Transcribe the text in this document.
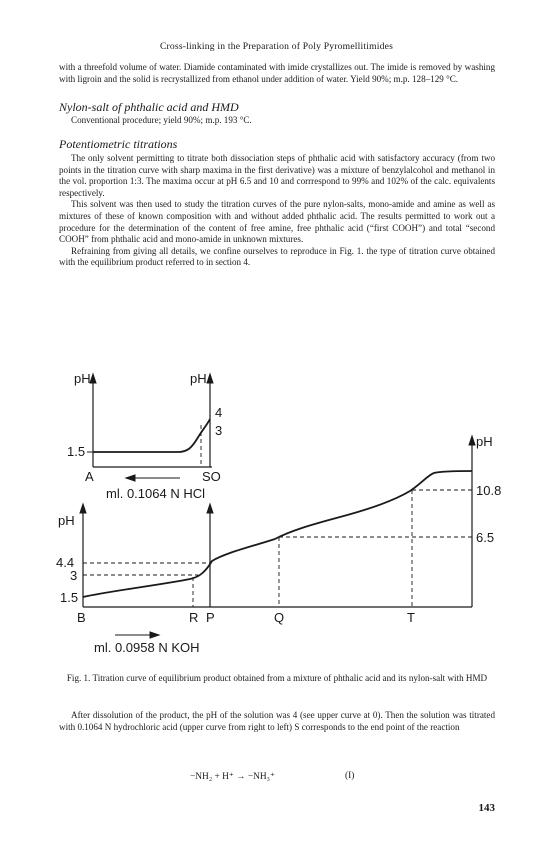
Cross-linking in the Preparation of Poly Pyromellitimides

with a threefold volume of water. Diamide contaminated with imide crystallizes out. The imide is removed by washing with ligroin and the solid is recrystallized from ethanol under addition of water. Yield 90%; m.p. 128–129 °C.

Nylon-salt of phthalic acid and HMD

Conventional procedure; yield 90%; m.p. 193 °C.

Potentiometric titrations

The only solvent permitting to titrate both dissociation steps of phthalic acid with satisfactory accuracy (from two points in the titration curve with sharp maxima in the first derivative) was a mixture of benzylalcohol and methanol in the vol. proportion 1:3. The maxima occur at pH 6.5 and 10 and corrrespond to 99% and 102% of the calc. equivalents respectively.

This solvent was then used to study the titration curves of the pure nylon-salts, mono-amide and amine as well as mixtures of these of known composition with and without added phthalic acid. The results permitted to work out a procedure for the determination of the content of free amine, free phthalic acid (“first COOH”) and total “second COOH” from phthalic acid and mono-amide in unknown mixtures.

Refraining from giving all details, we confine ourselves to reproduce in Fig. 1. the type of titration curve obtained with the equilibrium product referred to in section 4.

pH	pH
4
3
1.5
A	SO
ml. 0.1064 N HCl
pH
10.8
6.5
pH
4.4
3
1.5
B	R P	Q	T
ml. 0.0958 N KOH
Fig. 1. Titration curve of equilibrium product obtained from a mixture of phthalic acid and its nylon-salt with HMD

After dissolution of the product, the pH of the solution was 4 (see upper curve at 0). Then the solution was titrated with 0.1064 N hydrochloric acid (upper curve from right to left) S corresponds to the end point of the reaction

−NH₂ + H⁺ → −NH₃⁺	(I)
143
